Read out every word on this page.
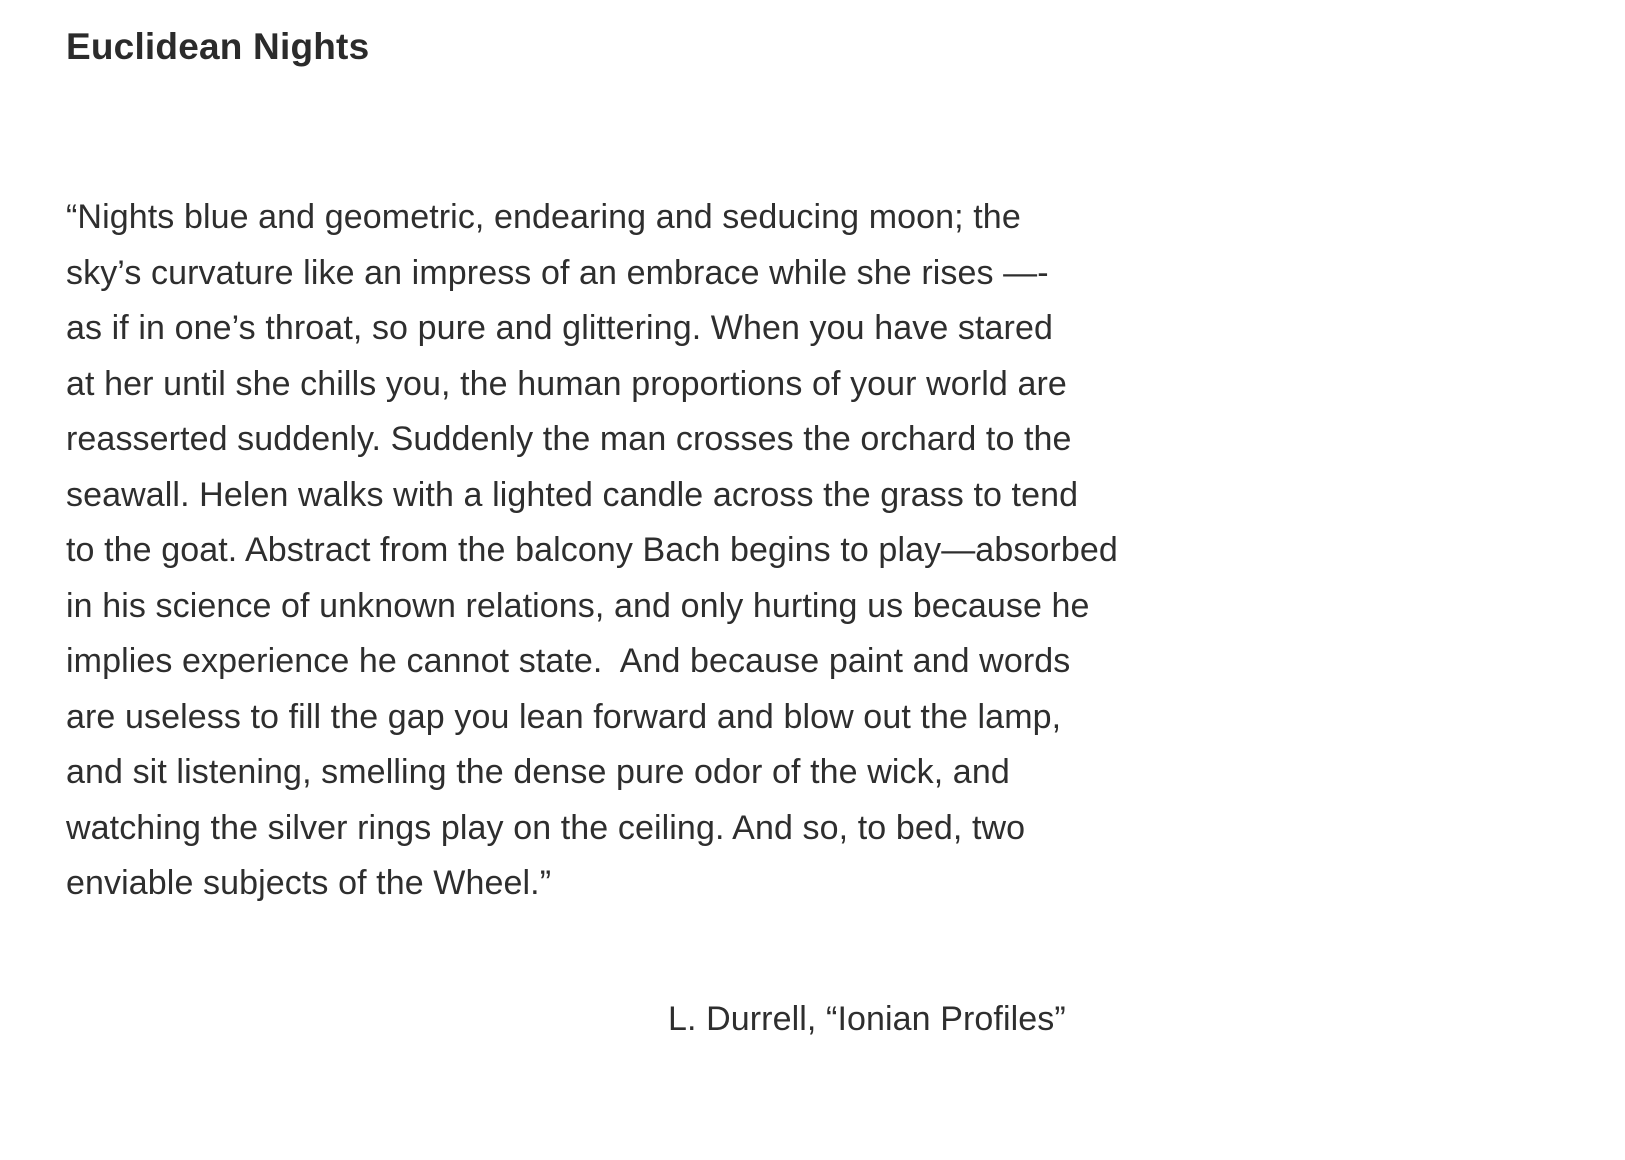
Euclidean Nights
“Nights blue and geometric, endearing and seducing moon; the
sky’s curvature like an impress of an embrace while she rises —-
as if in one’s throat, so pure and glittering. When you have stared
at her until she chills you, the human proportions of your world are
reasserted suddenly. Suddenly the man crosses the orchard to the
seawall. Helen walks with a lighted candle across the grass to tend
to the goat. Abstract from the balcony Bach begins to play—absorbed
in his science of unknown relations, and only hurting us because he
implies experience he cannot state.  And because paint and words
are useless to fill the gap you lean forward and blow out the lamp,
and sit listening, smelling the dense pure odor of the wick, and
watching the silver rings play on the ceiling. And so, to bed, two
enviable subjects of the Wheel.”
L. Durrell, “Ionian Profiles”
